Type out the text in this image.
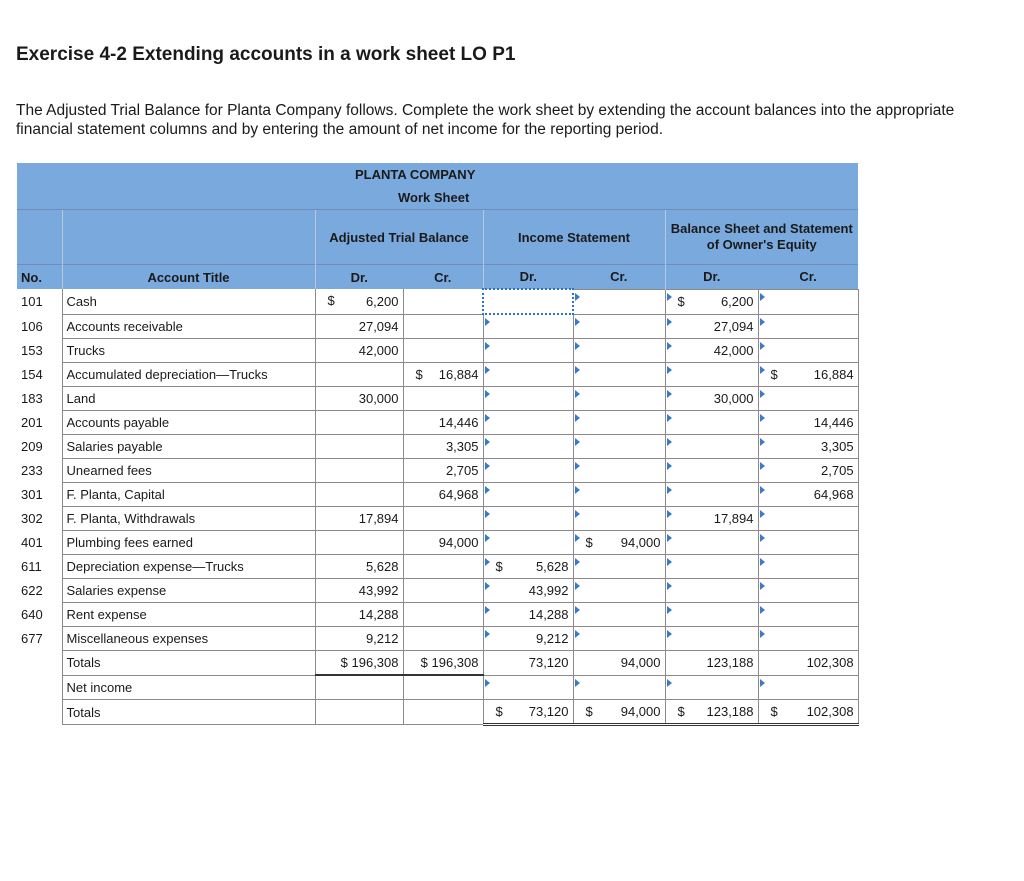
Exercise 4-2 Extending accounts in a work sheet LO P1
The Adjusted Trial Balance for Planta Company follows. Complete the work sheet by extending the account balances into the appropriate financial statement columns and by entering the amount of net income for the reporting period.
		PLANTA COMPANY					
		Work Sheet					
		Adjusted Trial Balance		Income Statement		Balance Sheet and Statement of Owner's Equity	
No.	Account Title	Dr.	Cr.	Dr.	Cr.	Dr.	Cr.
101	Cash	$ 6,200				$ 6,200	
106	Accounts receivable	27,094				27,094	
153	Trucks	42,000				42,000	
154	Accumulated depreciation—Trucks		$ 16,884				$ 16,884
183	Land	30,000				30,000	
201	Accounts payable		14,446				14,446
209	Salaries payable		3,305				3,305
233	Unearned fees		2,705				2,705
301	F. Planta, Capital		64,968				64,968
302	F. Planta, Withdrawals	17,894				17,894	
401	Plumbing fees earned		94,000		$ 94,000		
611	Depreciation expense—Trucks	5,628		$ 5,628			
622	Salaries expense	43,992		43,992			
640	Rent expense	14,288		14,288			
677	Miscellaneous expenses	9,212		9,212			
	Totals	$ 196,308	$ 196,308	73,120	94,000	123,188	102,308
	Net income						
	Totals			$ 73,120	$ 94,000	$ 123,188	$ 102,308
